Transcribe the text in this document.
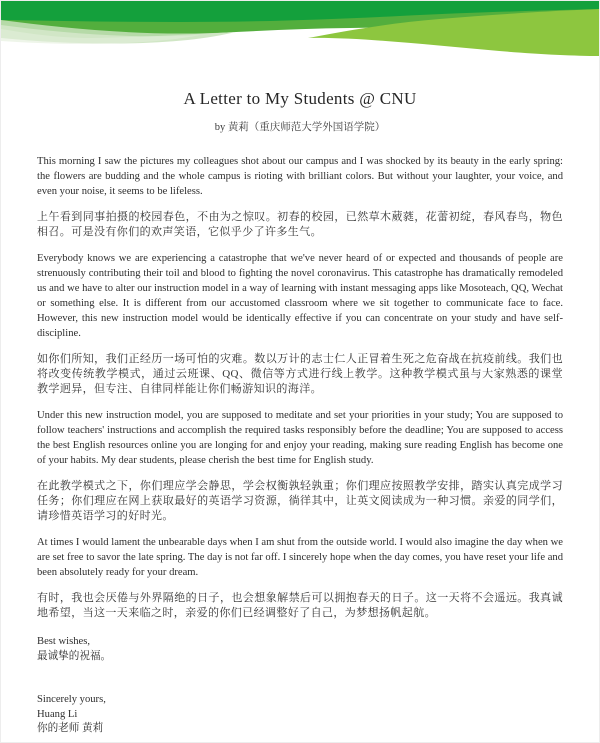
A Letter to My Students @ CNU

by 黄莉（重庆师范大学外国语学院）

This morning I saw the pictures my colleagues shot about our campus and I was shocked by its beauty in the early spring: the flowers are budding and the whole campus is rioting with brilliant colors. But without your laughter, your voice, and even your noise, it seems to be lifeless.

上午看到同事拍摄的校园春色，不由为之惊叹。初春的校园，已然草木葳蕤，花蕾初绽，春风春鸟，物色相召。可是没有你们的欢声笑语，它似乎少了许多生气。

Everybody knows we are experiencing a catastrophe that we've never heard of or expected and thousands of people are strenuously contributing their toil and blood to fighting the novel coronavirus. This catastrophe has dramatically remodeled us and we have to alter our instruction model in a way of learning with instant messaging apps like Mosoteach, QQ, Wechat or something else. It is different from our accustomed classroom where we sit together to communicate face to face. However, this new instruction model would be identically effective if you can concentrate on your study and have self-discipline.

如你们所知，我们正经历一场可怕的灾难。数以万计的志士仁人正冒着生死之危奋战在抗疫前线。我们也将改变传统教学模式，通过云班课、QQ、微信等方式进行线上教学。这种教学模式虽与大家熟悉的课堂教学迥异，但专注、自律同样能让你们畅游知识的海洋。

Under this new instruction model, you are supposed to meditate and set your priorities in your study; You are supposed to follow teachers' instructions and accomplish the required tasks responsibly before the deadline; You are supposed to access the best English resources online you are longing for and enjoy your reading, making sure reading English has become one of your habits. My dear students, please cherish the best time for English study.

在此教学模式之下，你们理应学会静思，学会权衡孰轻孰重；你们理应按照教学安排，踏实认真完成学习任务；你们理应在网上获取最好的英语学习资源，徜徉其中，让英文阅读成为一种习惯。亲爱的同学们，请珍惜英语学习的好时光。

At times I would lament the unbearable days when I am shut from the outside world. I would also imagine the day when we are set free to savor the late spring. The day is not far off. I sincerely hope when the day comes, you have reset your life and been absolutely ready for your dream.

有时，我也会厌倦与外界隔绝的日子，也会想象解禁后可以拥抱春天的日子。这一天将不会遥远。我真诚地希望，当这一天来临之时，亲爱的你们已经调整好了自己，为梦想扬帆起航。

Best wishes,

最诚挚的祝福。

Sincerely yours,

Huang Li

你的老师 黄莉
